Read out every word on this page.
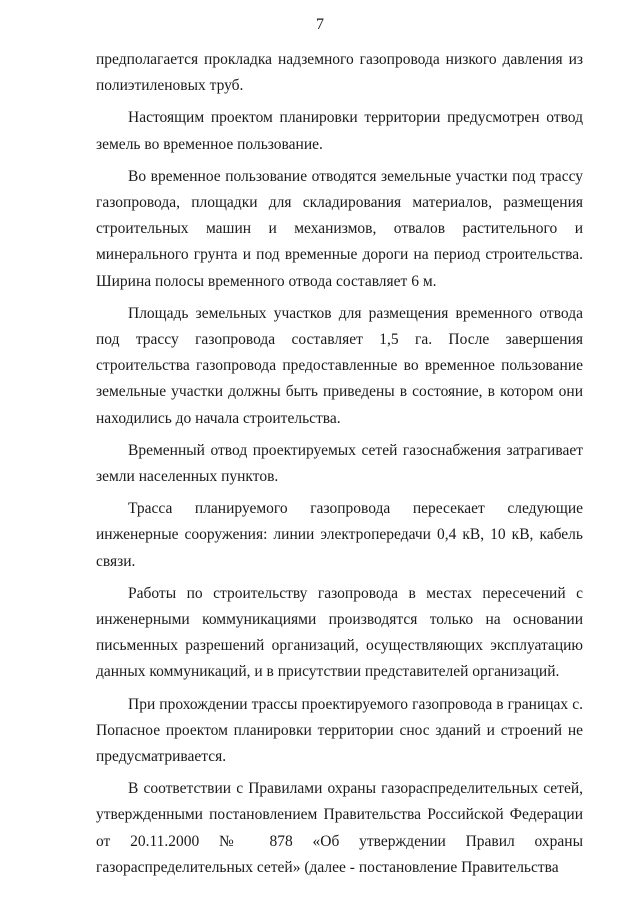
7

предполагается прокладка надземного газопровода низкого давления из полиэтиленовых труб.

Настоящим проектом планировки территории предусмотрен отвод земель во временное пользование.

Во временное пользование отводятся земельные участки под трассу газопровода, площадки для складирования материалов, размещения строительных машин и механизмов, отвалов растительного и минерального грунта и под временные дороги на период строительства. Ширина полосы временного отвода составляет 6 м.

Площадь земельных участков для размещения временного отвода под трассу газопровода составляет 1,5 га. После завершения строительства газопровода предоставленные во временное пользование земельные участки должны быть приведены в состояние, в котором они находились до начала строительства.

Временный отвод проектируемых сетей газоснабжения затрагивает земли населенных пунктов.

Трасса планируемого газопровода пересекает следующие инженерные сооружения: линии электропередачи 0,4 кВ, 10 кВ, кабель связи.

Работы по строительству газопровода в местах пересечений с инженерными коммуникациями производятся только на основании письменных разрешений организаций, осуществляющих эксплуатацию данных коммуникаций, и в присутствии представителей организаций.

При прохождении трассы проектируемого газопровода в границах с. Попасное проектом планировки территории снос зданий и строений не предусматривается.

В соответствии с Правилами охраны газораспределительных сетей, утвержденными постановлением Правительства Российской Федерации от 20.11.2000 № 878 «Об утверждении Правил охраны газораспределительных сетей» (далее - постановление Правительства
